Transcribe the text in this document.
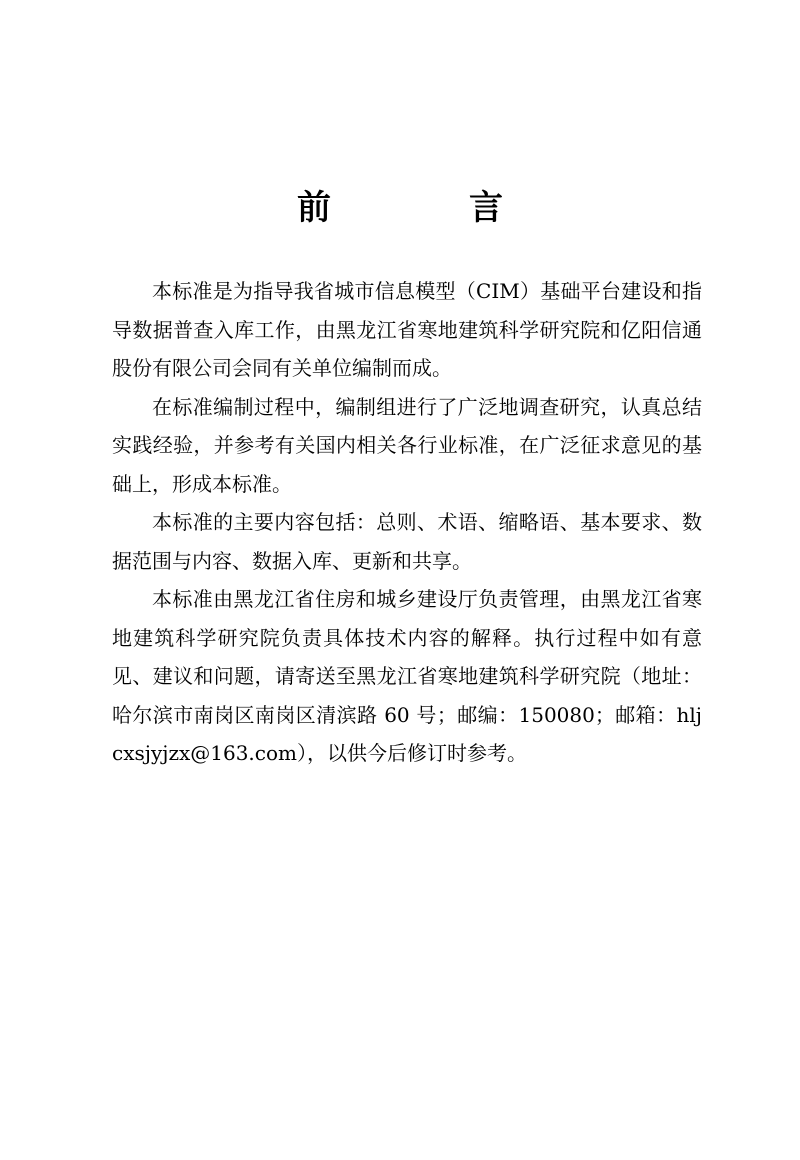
前　言

本标准是为指导我省城市信息模型（CIM）基础平台建设和指导数据普查入库工作，由黑龙江省寒地建筑科学研究院和亿阳信通股份有限公司会同有关单位编制而成。

在标准编制过程中，编制组进行了广泛地调查研究，认真总结实践经验，并参考有关国内相关各行业标准，在广泛征求意见的基础上，形成本标准。

本标准的主要内容包括：总则、术语、缩略语、基本要求、数据范围与内容、数据入库、更新和共享。

本标准由黑龙江省住房和城乡建设厅负责管理，由黑龙江省寒地建筑科学研究院负责具体技术内容的解释。执行过程中如有意见、建议和问题，请寄送至黑龙江省寒地建筑科学研究院（地址：哈尔滨市南岗区南岗区清滨路 60 号；邮编：150080；邮箱：hljcxsjyjzx@163.com），以供今后修订时参考。
